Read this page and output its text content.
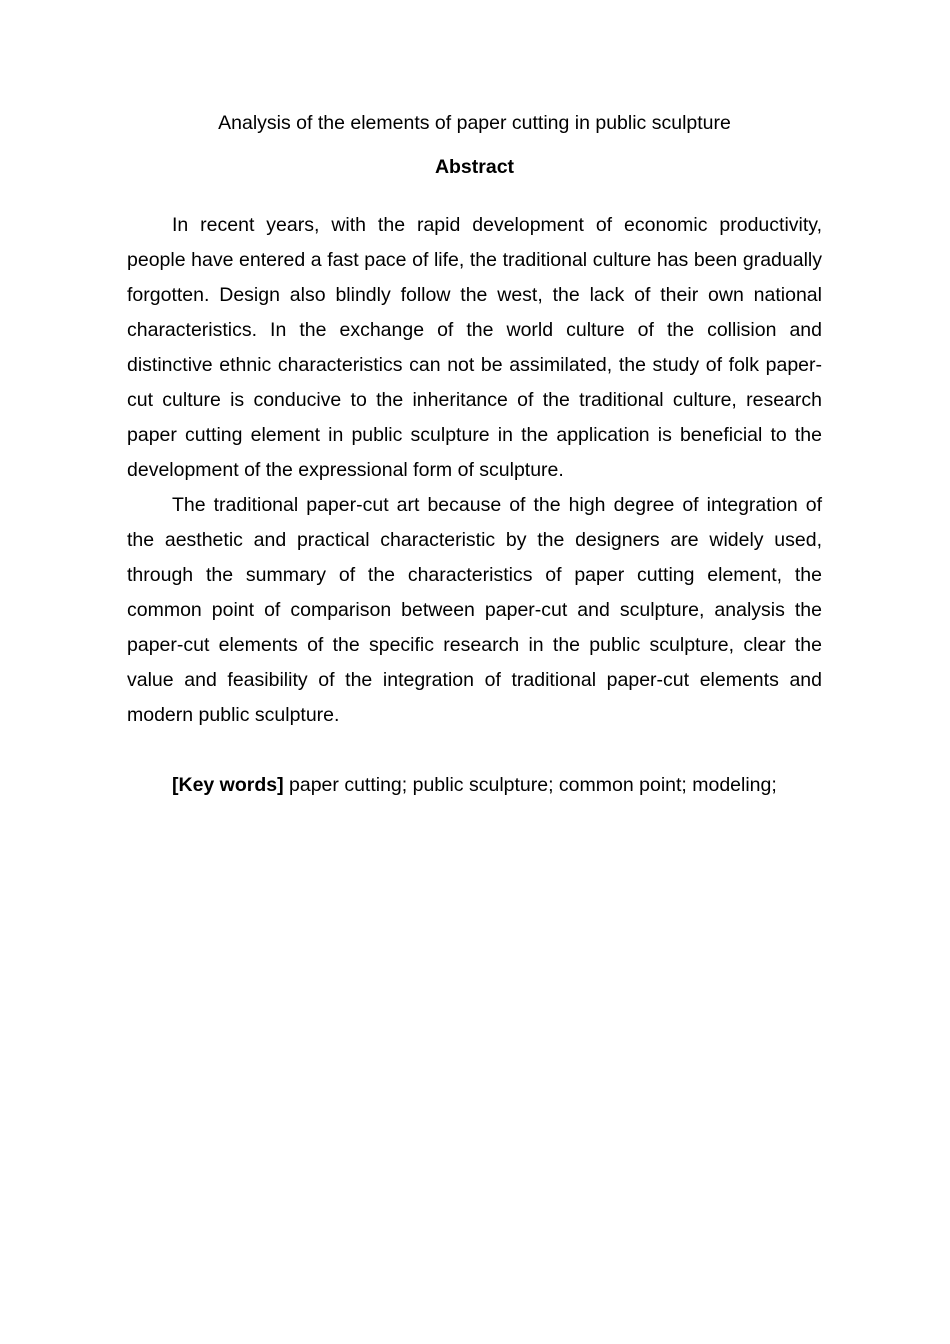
Analysis of the elements of paper cutting in public sculpture

Abstract

In recent years, with the rapid development of economic productivity, people have entered a fast pace of life, the traditional culture has been gradually forgotten. Design also blindly follow the west, the lack of their own national characteristics. In the exchange of the world culture of the collision and distinctive ethnic characteristics can not be assimilated, the study of folk paper-cut culture is conducive to the inheritance of the traditional culture, research paper cutting element in public sculpture in the application is beneficial to the development of the expressional form of sculpture.

The traditional paper-cut art because of the high degree of integration of the aesthetic and practical characteristic by the designers are widely used, through the summary of the characteristics of paper cutting element, the common point of comparison between paper-cut and sculpture, analysis the paper-cut elements of the specific research in the public sculpture, clear the value and feasibility of the integration of traditional paper-cut elements and modern public sculpture.

[Key words] paper cutting; public sculpture; common point; modeling;
